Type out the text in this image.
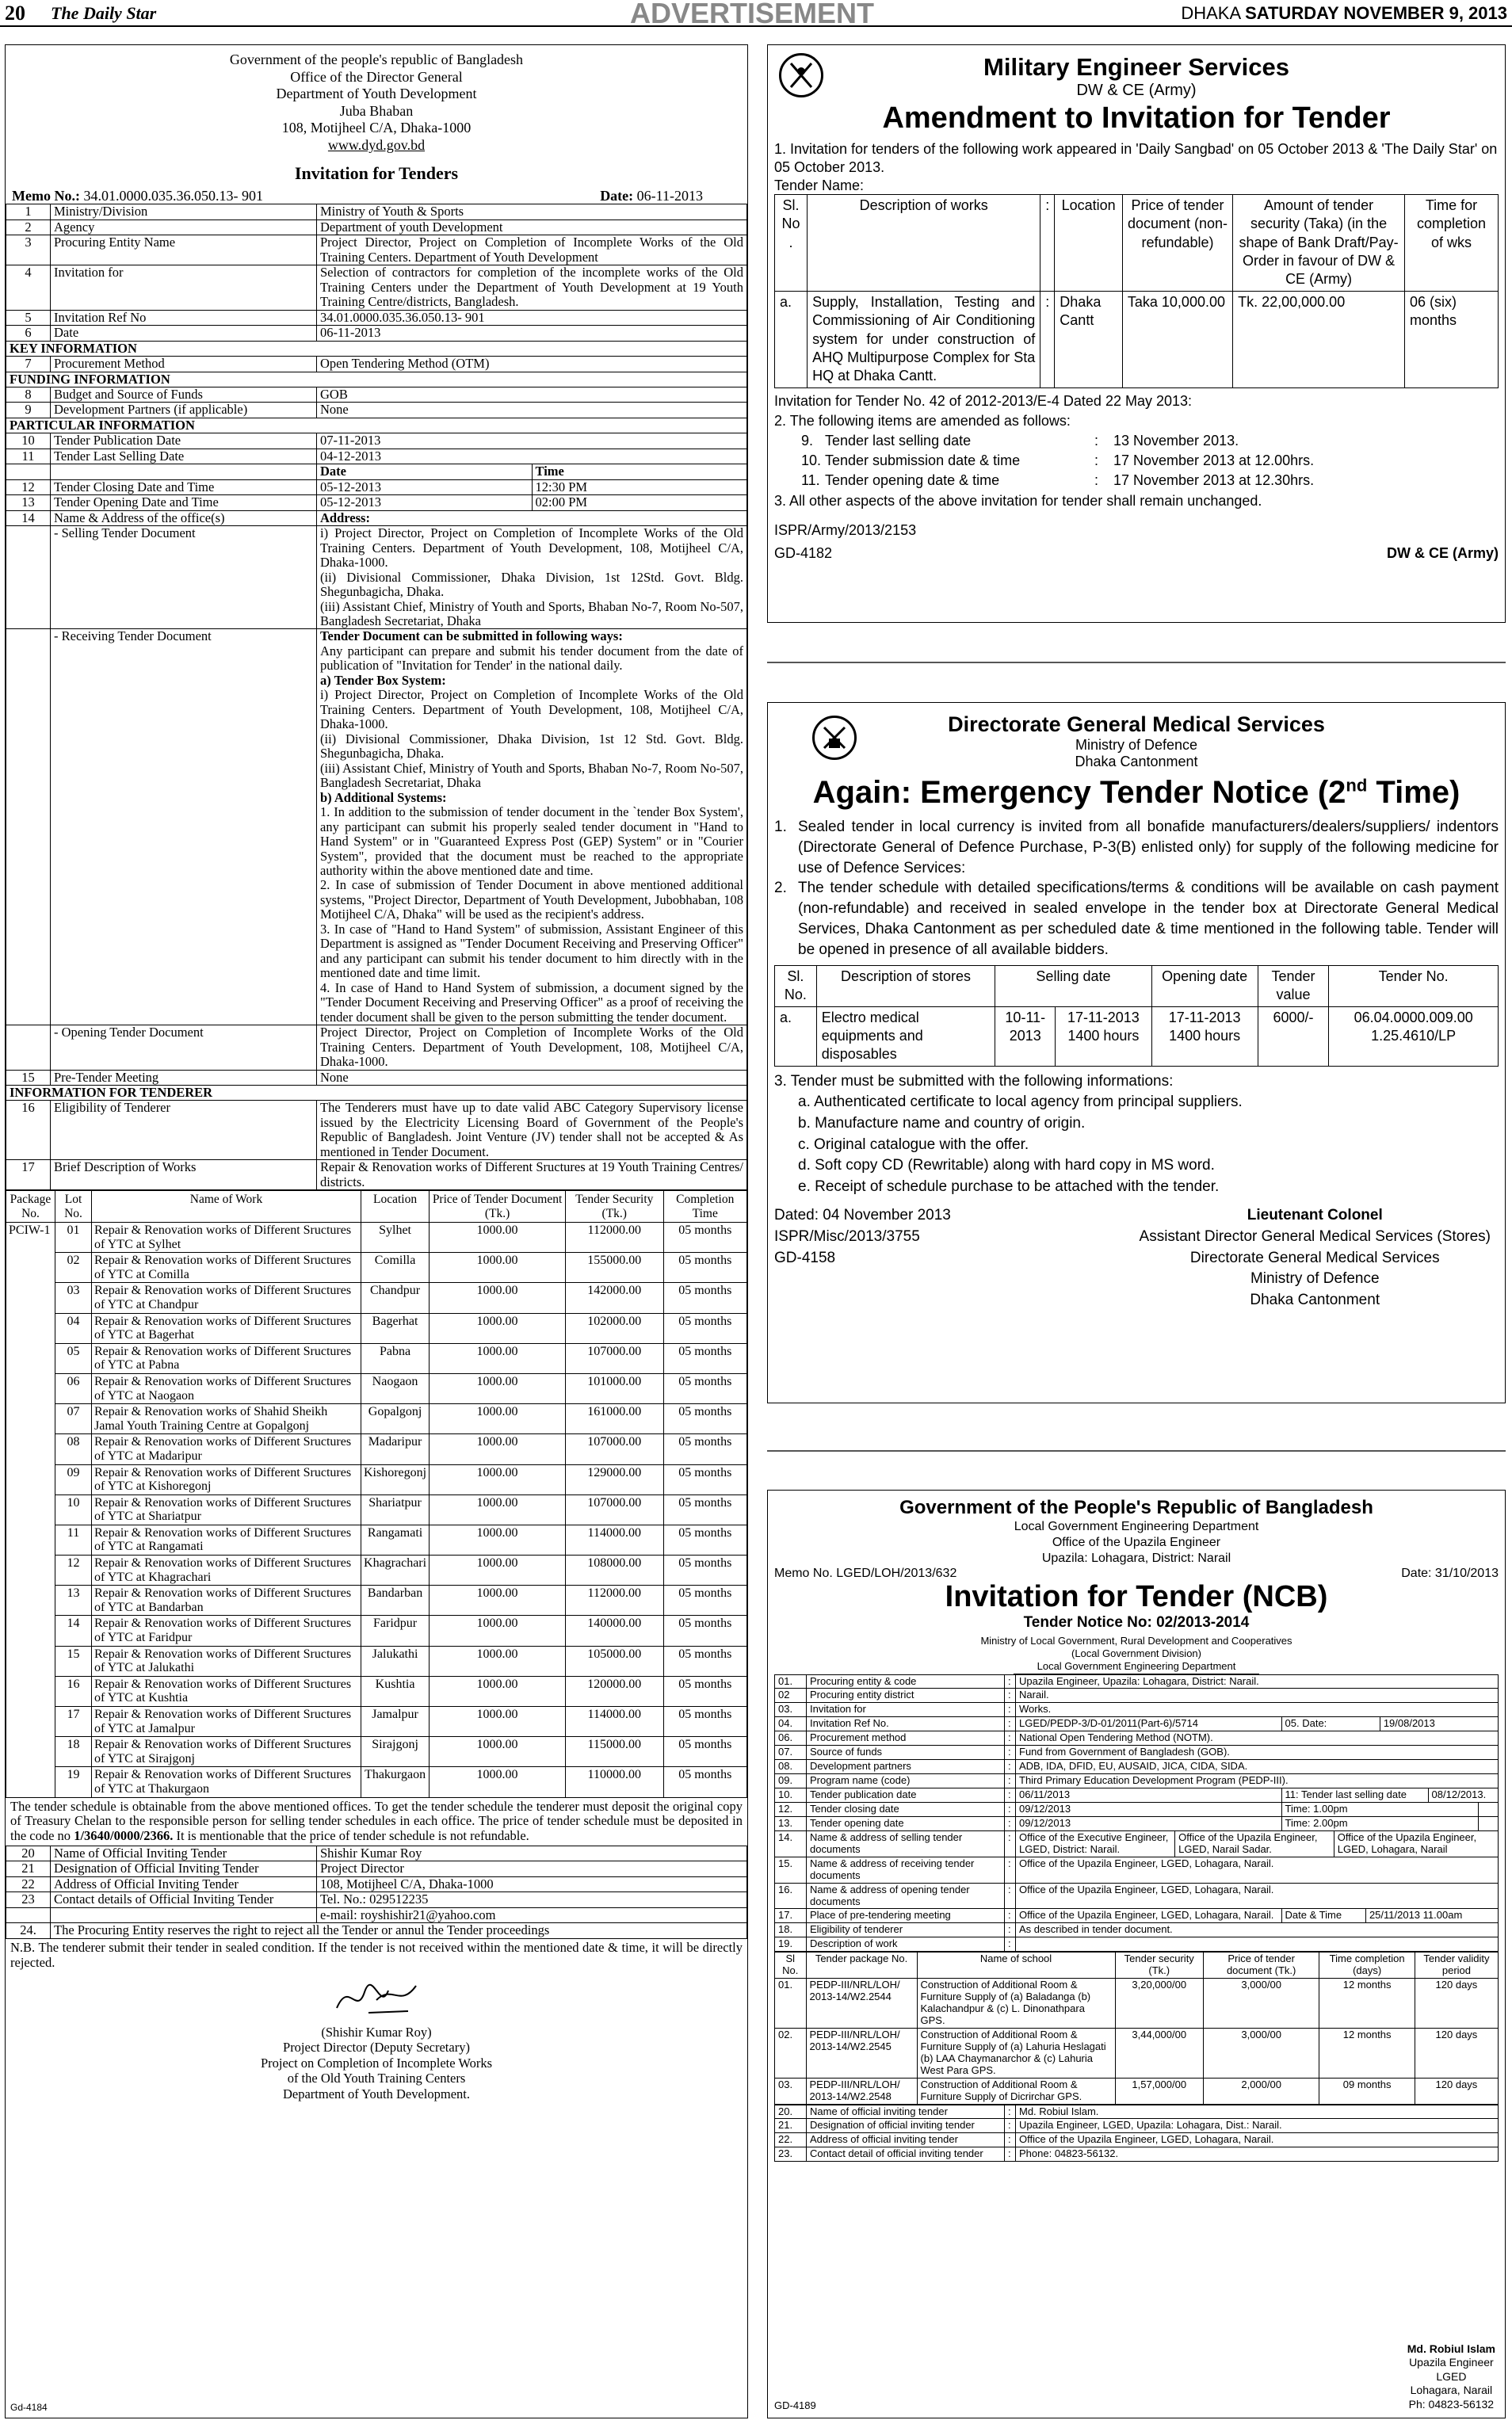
20 The Daily Star	ADVERTISEMENT	DHAKA SATURDAY NOVEMBER 9, 2013
Government of the people's republic of Bangladesh
Office of the Director General
Department of Youth Development
Juba Bhaban
108, Motijheel C/A, Dhaka-1000
www.dyd.gov.bd
Invitation for Tenders
Memo No.: 34.01.0000.035.36.050.13- 901	Date: 06-11-2013
1	Ministry/Division	Ministry of Youth & Sports
2	Agency	Department of youth Development
3	Procuring Entity Name	Project Director, Project on Completion of Incomplete Works of the Old Training Centers. Department of Youth Development
4	Invitation for	Selection of contractors for completion of the incomplete works of the Old Training Centers under the Department of Youth Development at 19 Youth Training Centre/districts, Bangladesh.
5	Invitation Ref No	34.01.0000.035.36.050.13- 901
6	Date	06-11-2013
KEY INFORMATION
7	Procurement Method	Open Tendering Method (OTM)
FUNDING INFORMATION
8	Budget and Source of Funds	GOB
9	Development Partners (if applicable)	None
PARTICULAR INFORMATION
10	Tender Publication Date	07-11-2013
11	Tender Last Selling Date	04-12-2013

Date	Time

12	Tender Closing Date and Time		05-12-2013	12:30 PM

13	Tender Opening Date and Time		05-12-2013	02:00 PM

14	Name & Address of the office(s)	Address:
	- Selling Tender Document	i) Project Director, Project on Completion of Incomplete Works of the Old Training Centers. Department of Youth Development, 108, Motijheel C/A, Dhaka-1000.
(ii) Divisional Commissioner, Dhaka Division, 1st 12Std. Govt. Bldg. Shegunbagicha, Dhaka.
(iii) Assistant Chief, Ministry of Youth and Sports, Bhaban No-7, Room No-507, Bangladesh Secretariat, Dhaka

	- Receiving Tender Document	Tender Document can be submitted in following ways:
Any participant can prepare and submit his tender document from the date of publication of "Invitation for Tender' in the national daily.
a) Tender Box System:
i) Project Director, Project on Completion of Incomplete Works of the Old Training Centers. Department of Youth Development, 108, Motijheel C/A, Dhaka-1000.
(ii) Divisional Commissioner, Dhaka Division, 1st 12 Std. Govt. Bldg. Shegunbagicha, Dhaka.
(iii) Assistant Chief, Ministry of Youth and Sports, Bhaban No-7, Room No-507, Bangladesh Secretariat, Dhaka
b) Additional Systems:
1. In addition to the submission of tender document in the `tender Box System', any participant can submit his properly sealed tender document in "Hand to Hand System" or in "Guaranteed Express Post (GEP) System" or in "Courier System", provided that the document must be reached to the appropriate authority within the above mentioned date and time.
2. In case of submission of Tender Document in above mentioned additional systems, "Project Director, Department of Youth Development, Jubobhaban, 108 Motijheel C/A, Dhaka" will be used as the recipient's address.
3. In case of "Hand to Hand System" of submission, Assistant Engineer of this Department is assigned as "Tender Document Receiving and Preserving Officer" and any participant can submit his tender document to him directly with in the mentioned date and time limit.
4. In case of Hand to Hand System of submission, a document signed by the "Tender Document Receiving and Preserving Officer" as a proof of receiving the tender document shall be given to the person submitting the tender document.

	- Opening Tender Document	Project Director, Project on Completion of Incomplete Works of the Old Training Centers. Department of Youth Development, 108, Motijheel C/A, Dhaka-1000.
15	Pre-Tender Meeting	None
INFORMATION FOR TENDERER
16	Eligibility of Tenderer	The Tenderers must have up to date valid ABC Category Supervisory license issued by the Electricity Licensing Board of Government of the People's Republic of Bangladesh. Joint Venture (JV) tender shall not be accepted & As mentioned in Tender Document.
17	Brief Description of Works	Repair & Renovation works of Different Sructures at 19 Youth Training Centres/ districts.
Package No.	Lot No.	Name of Work	Location	Price of Tender Document (Tk.)	Tender Security (Tk.)	Completion Time
PCIW-1	01	Repair & Renovation works of Different Sructures of YTC at Sylhet	Sylhet	1000.00	112000.00	05 months
	02	Repair & Renovation works of Different Sructures of YTC at Comilla	Comilla	1000.00	155000.00	05 months
	03	Repair & Renovation works of Different Sructures of YTC at Chandpur	Chandpur	1000.00	142000.00	05 months
	04	Repair & Renovation works of Different Sructures of YTC at Bagerhat	Bagerhat	1000.00	102000.00	05 months
	05	Repair & Renovation works of Different Sructures of YTC at Pabna	Pabna	1000.00	107000.00	05 months
	06	Repair & Renovation works of Different Sructures of YTC at Naogaon	Naogaon	1000.00	101000.00	05 months
	07	Repair & Renovation works of Shahid Sheikh Jamal Youth Training Centre at Gopalgonj	Gopalgonj	1000.00	161000.00	05 months
	08	Repair & Renovation works of Different Sructures of YTC at Madaripur	Madaripur	1000.00	107000.00	05 months
	09	Repair & Renovation works of Different Sructures of YTC at Kishoregonj	Kishoregonj	1000.00	129000.00	05 months
	10	Repair & Renovation works of Different Sructures of YTC at Shariatpur	Shariatpur	1000.00	107000.00	05 months
	11	Repair & Renovation works of Different Sructures of YTC at Rangamati	Rangamati	1000.00	114000.00	05 months
	12	Repair & Renovation works of Different Sructures of YTC at Khagrachari	Khagrachari	1000.00	108000.00	05 months
	13	Repair & Renovation works of Different Sructures of YTC at Bandarban	Bandarban	1000.00	112000.00	05 months
	14	Repair & Renovation works of Different Sructures of YTC at Faridpur	Faridpur	1000.00	140000.00	05 months
	15	Repair & Renovation works of Different Sructures of YTC at Jalukathi	Jalukathi	1000.00	105000.00	05 months
	16	Repair & Renovation works of Different Sructures of YTC at Kushtia	Kushtia	1000.00	120000.00	05 months
	17	Repair & Renovation works of Different Sructures of YTC at Jamalpur	Jamalpur	1000.00	114000.00	05 months
	18	Repair & Renovation works of Different Sructures of YTC at Sirajgonj	Sirajgonj	1000.00	115000.00	05 months
	19	Repair & Renovation works of Different Sructures of YTC at Thakurgaon	Thakurgaon	1000.00	110000.00	05 months
The tender schedule is obtainable from the above mentioned offices. To get the tender schedule the tenderer must deposit the original copy of Treasury Chelan to the responsible person for selling tender schedules in each office. The price of tender schedule must be deposited in the code no 1/3640/0000/2366. It is mentionable that the price of tender schedule is not refundable.
20	Name of Official Inviting Tender	Shishir Kumar Roy
21	Designation of Official Inviting Tender	Project Director
22	Address of Official Inviting Tender	108, Motijheel C/A, Dhaka-1000
23	Contact details of Official Inviting Tender	Tel. No.: 029512235
		e-mail: royshishir21@yahoo.com
24.	The Procuring Entity reserves the right to reject all the Tender or annul the Tender proceedings	
N.B. The tenderer submit their tender in sealed condition. If the tender is not received within the mentioned date & time, it will be directly rejected.
(Shishir Kumar Roy)
Project Director (Deputy Secretary)
Project on Completion of Incomplete Works
of the Old Youth Training Centers
Department of Youth Development.
Gd-4184
Military Engineer Services
DW & CE (Army)
Amendment to Invitation for Tender
1. Invitation for tenders of the following work appeared in 'Daily Sangbad' on 05 October 2013 & 'The Daily Star' on 05 October 2013.
Tender Name:
Sl. No .	Description of works	:	Location	Price of tender document (non-refundable)	Amount of tender security (Taka) (in the shape of Bank Draft/Pay-Order in favour of DW & CE (Army)	Time for completion of wks
a.	Supply, Installation, Testing and Commissioning of Air Conditioning system for under construction of AHQ Multipurpose Complex for Sta HQ at Dhaka Cantt.	:	Dhaka Cantt	Taka 10,000.00	Tk. 22,00,000.00	06 (six) months
Invitation for Tender No. 42 of 2012-2013/E-4 Dated 22 May 2013:
2. The following items are amended as follows:
9. Tender last selling date	:	13 November 2013.
10. Tender submission date & time	:	17 November 2013 at 12.00hrs.
11. Tender opening date & time	:	17 November 2013 at 12.30hrs.
3. All other aspects of the above invitation for tender shall remain unchanged.
ISPR/Army/2013/2153
GD-4182	DW & CE (Army)
Directorate General Medical Services
Ministry of Defence
Dhaka Cantonment
Again: Emergency Tender Notice (2nd Time)
1. Sealed tender in local currency is invited from all bonafide manufacturers/dealers/suppliers/ indentors (Directorate General of Defence Purchase, P-3(B) enlisted only) for supply of the following medicine for use of Defence Services:
2. The tender schedule with detailed specifications/terms & conditions will be available on cash payment (non-refundable) and received in sealed envelope in the tender box at Directorate General Medical Services, Dhaka Cantonment as per scheduled date & time mentioned in the following table. Tender will be opened in presence of all available bidders.
Sl. No.	Description of stores	Selling date		Opening date	Tender value	Tender No.
a.	Electro medical equipments and disposables	10-11-2013	17-11-2013 1400 hours	17-11-2013 1400 hours	6000/-	06.04.0000.009.00 1.25.4610/LP
3. Tender must be submitted with the following informations:
a. Authenticated certificate to local agency from principal suppliers.
b. Manufacture name and country of origin.
c. Original catalogue with the offer.
d. Soft copy CD (Rewritable) along with hard copy in MS word.
e. Receipt of schedule purchase to be attached with the tender.
Dated: 04 November 2013
ISPR/Misc/2013/3755
GD-4158
Lieutenant Colonel
Assistant Director General Medical Services (Stores)
Directorate General Medical Services
Ministry of Defence
Dhaka Cantonment
Government of the People's Republic of Bangladesh
Local Government Engineering Department
Office of the Upazila Engineer
Upazila: Lohagara, District: Narail
Memo No. LGED/LOH/2013/632	Date: 31/10/2013
Invitation for Tender (NCB)
Tender Notice No: 02/2013-2014
Ministry of Local Government, Rural Development and Cooperatives
(Local Government Division)
Local Government Engineering Department
01.	Procuring entity & code	:	Upazila Engineer, Upazila: Lohagara, District: Narail.
02	Procuring entity district	:	Narail.
03.	Invitation for	:	Works.
04.	Invitation Ref No.	:	LGED/PEDP-3/D-01/2011(Part-6)/5714		05. Date:	19/08/2013

06.	Procurement method	:	National Open Tendering Method (NOTM).
07.	Source of funds	:	Fund from Government of Bangladesh (GOB).
08.	Development partners	:	ADB, IDA, DFID, EU, AUSAID, JICA, CIDA, SIDA.
09.	Program name (code)	:	Third Primary Education Development Program (PEDP-III).
10.	Tender publication date	:	06/11/2013		11: Tender last selling date	08/12/2013.

12.	Tender closing date	:	09/12/2013		Time: 1.00pm	

13.	Tender opening date	:	09/12/2013		Time: 2.00pm	

14.	Name & address of selling tender documents	:	Office of the Executive Engineer, LGED, District: Narail.	Office of the Upazila Engineer, LGED, Narail Sadar.	Office of the Upazila Engineer, LGED, Lohagara, Narail

15.	Name & address of receiving tender documents	:	Office of the Upazila Engineer, LGED, Lohagara, Narail.
16.	Name & address of opening tender documents	:	Office of the Upazila Engineer, LGED, Lohagara, Narail.
17.	Place of pre-tendering meeting	:	Office of the Upazila Engineer, LGED, Lohagara, Narail.	Date & Time	25/11/2013 11.00am

18.	Eligibility of tenderer	:	As described in tender document.
19.	Description of work	:	
Sl No.	Tender package No.	Name of school	Tender security (Tk.)	Price of tender document (Tk.)	Time completion (days)	Tender validity period
01.	PEDP-III/NRL/LOH/ 2013-14/W2.2544	Construction of Additional Room & Furniture Supply of (a) Baladanga (b) Kalachandpur & (c) L. Dinonathpara GPS.	3,20,000/00	3,000/00	12 months	120 days
02.	PEDP-III/NRL/LOH/ 2013-14/W2.2545	Construction of Additional Room & Furniture Supply of (a) Lahuria Heslagati (b) LAA Chaymanarchor & (c) Lahuria West Para GPS.	3,44,000/00	3,000/00	12 months	120 days
03.	PEDP-III/NRL/LOH/ 2013-14/W2.2548	Construction of Additional Room & Furniture Supply of Dicrirchar GPS.	1,57,000/00	2,000/00	09 months	120 days
20.	Name of official inviting tender	:	Md. Robiul Islam.
21.	Designation of official inviting tender	:	Upazila Engineer, LGED, Upazila: Lohagara, Dist.: Narail.
22.	Address of official inviting tender	:	Office of the Upazila Engineer, LGED, Lohagara, Narail.
23.	Contact detail of official inviting tender	:	Phone: 04823-56132.
Md. Robiul Islam
Upazila Engineer
LGED
Lohagara, Narail
Ph: 04823-56132
GD-4189
